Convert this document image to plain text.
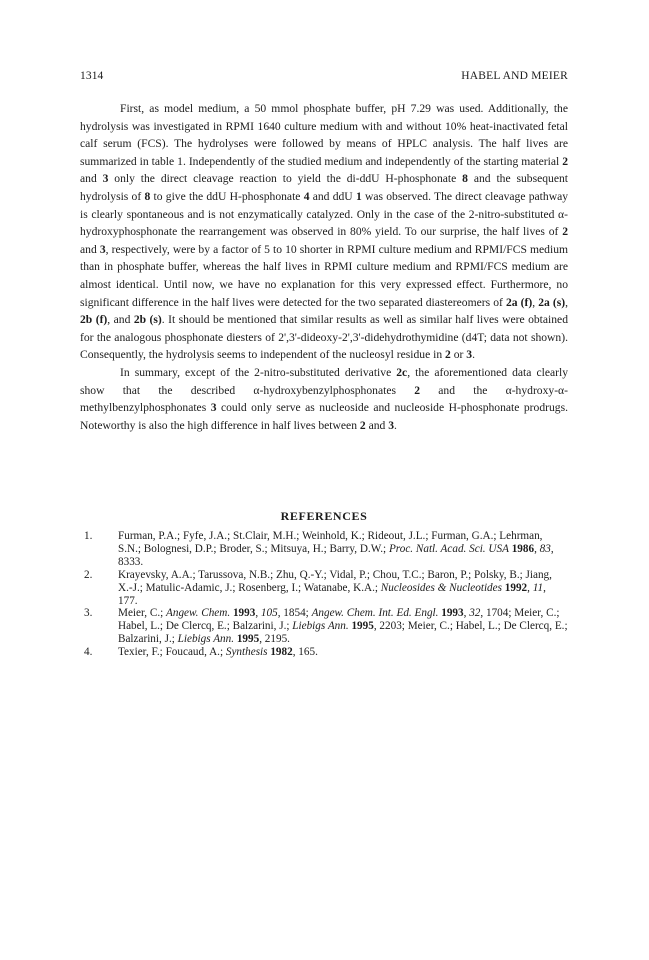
1314	HABEL AND MEIER

First, as model medium, a 50 mmol phosphate buffer, pH 7.29 was used. Additionally, the hydrolysis was investigated in RPMI 1640 culture medium with and without 10% heat-inactivated fetal calf serum (FCS). The hydrolyses were followed by means of HPLC analysis. The half lives are summarized in table 1. Independently of the studied medium and independently of the starting material 2 and 3 only the direct cleavage reaction to yield the di-ddU H-phosphonate 8 and the subsequent hydrolysis of 8 to give the ddU H-phosphonate 4 and ddU 1 was observed. The direct cleavage pathway is clearly spontaneous and is not enzymatically catalyzed. Only in the case of the 2-nitro-substituted α-hydroxyphosphonate the rearrangement was observed in 80% yield. To our surprise, the half lives of 2 and 3, respectively, were by a factor of 5 to 10 shorter in RPMI culture medium and RPMI/FCS medium than in phosphate buffer, whereas the half lives in RPMI culture medium and RPMI/FCS medium are almost identical. Until now, we have no explanation for this very expressed effect. Furthermore, no significant difference in the half lives were detected for the two separated diastereomers of 2a (f), 2a (s), 2b (f), and 2b (s). It should be mentioned that similar results as well as similar half lives were obtained for the analogous phosphonate diesters of 2',3'-dideoxy-2',3'-didehydrothymidine (d4T; data not shown). Consequently, the hydrolysis seems to independent of the nucleosyl residue in 2 or 3.

In summary, except of the 2-nitro-substituted derivative 2c, the aforementioned data clearly show that the described α-hydroxybenzylphosphonates 2 and the α-hydroxy-α-methylbenzylphosphonates 3 could only serve as nucleoside and nucleoside H-phosphonate prodrugs. Noteworthy is also the high difference in half lives between 2 and 3.

REFERENCES

1. Furman, P.A.; Fyfe, J.A.; St.Clair, M.H.; Weinhold, K.; Rideout, J.L.; Furman, G.A.; Lehrman, S.N.; Bolognesi, D.P.; Broder, S.; Mitsuya, H.; Barry, D.W.; Proc. Natl. Acad. Sci. USA 1986, 83, 8333.

2. Krayevsky, A.A.; Tarussova, N.B.; Zhu, Q.-Y.; Vidal, P.; Chou, T.C.; Baron, P.; Polsky, B.; Jiang, X.-J.; Matulic-Adamic, J.; Rosenberg, I.; Watanabe, K.A.; Nucleosides & Nucleotides 1992, 11, 177.

3. Meier, C.; Angew. Chem. 1993, 105, 1854; Angew. Chem. Int. Ed. Engl. 1993, 32, 1704; Meier, C.; Habel, L.; De Clercq, E.; Balzarini, J.; Liebigs Ann. 1995, 2203; Meier, C.; Habel, L.; De Clercq, E.; Balzarini, J.; Liebigs Ann. 1995, 2195.

4. Texier, F.; Foucaud, A.; Synthesis 1982, 165.
